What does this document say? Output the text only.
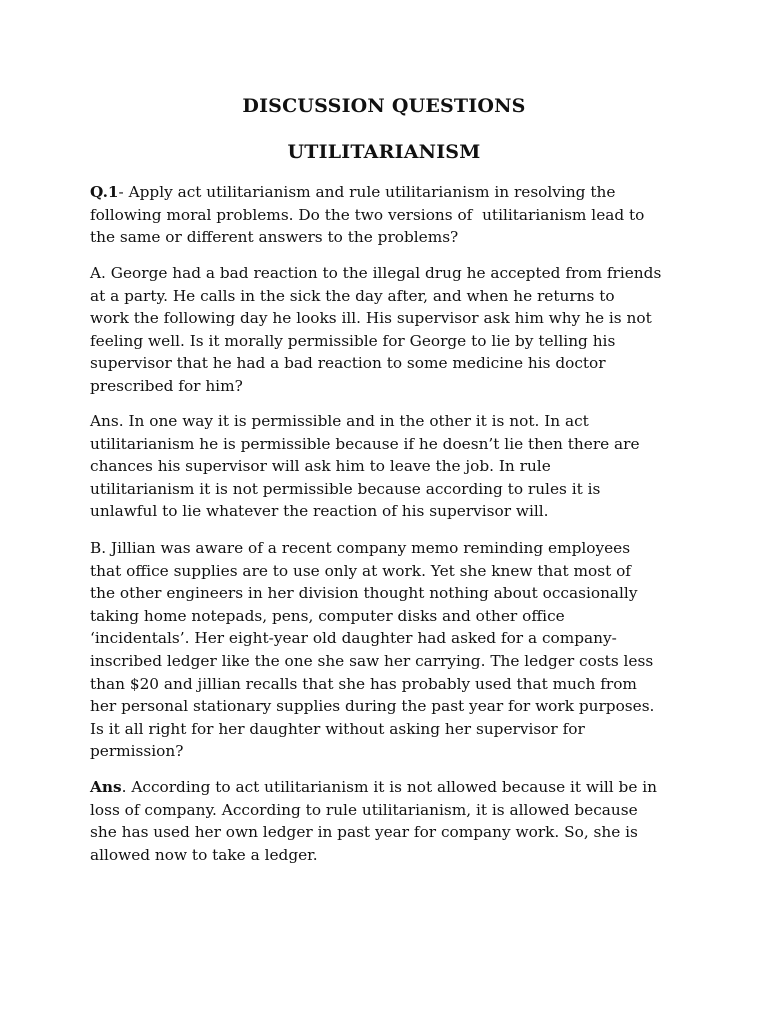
DISCUSSION QUESTIONS
UTILITARIANISM

Q.1- Apply act utilitarianism and rule utilitarianism in resolving the
following moral problems. Do the two versions of  utilitarianism lead to
the same or different answers to the problems?

A. George had a bad reaction to the illegal drug he accepted from friends
at a party. He calls in the sick the day after, and when he returns to
work the following day he looks ill. His supervisor ask him why he is not
feeling well. Is it morally permissible for George to lie by telling his
supervisor that he had a bad reaction to some medicine his doctor
prescribed for him?

Ans. In one way it is permissible and in the other it is not. In act
utilitarianism he is permissible because if he doesn’t lie then there are
chances his supervisor will ask him to leave the job. In rule
utilitarianism it is not permissible because according to rules it is
unlawful to lie whatever the reaction of his supervisor will.

B. Jillian was aware of a recent company memo reminding employees
that office supplies are to use only at work. Yet she knew that most of
the other engineers in her division thought nothing about occasionally
taking home notepads, pens, computer disks and other office
‘incidentals’. Her eight-year old daughter had asked for a company-
inscribed ledger like the one she saw her carrying. The ledger costs less
than $20 and jillian recalls that she has probably used that much from
her personal stationary supplies during the past year for work purposes.
Is it all right for her daughter without asking her supervisor for
permission?

Ans. According to act utilitarianism it is not allowed because it will be in
loss of company. According to rule utilitarianism, it is allowed because
she has used her own ledger in past year for company work. So, she is
allowed now to take a ledger.
